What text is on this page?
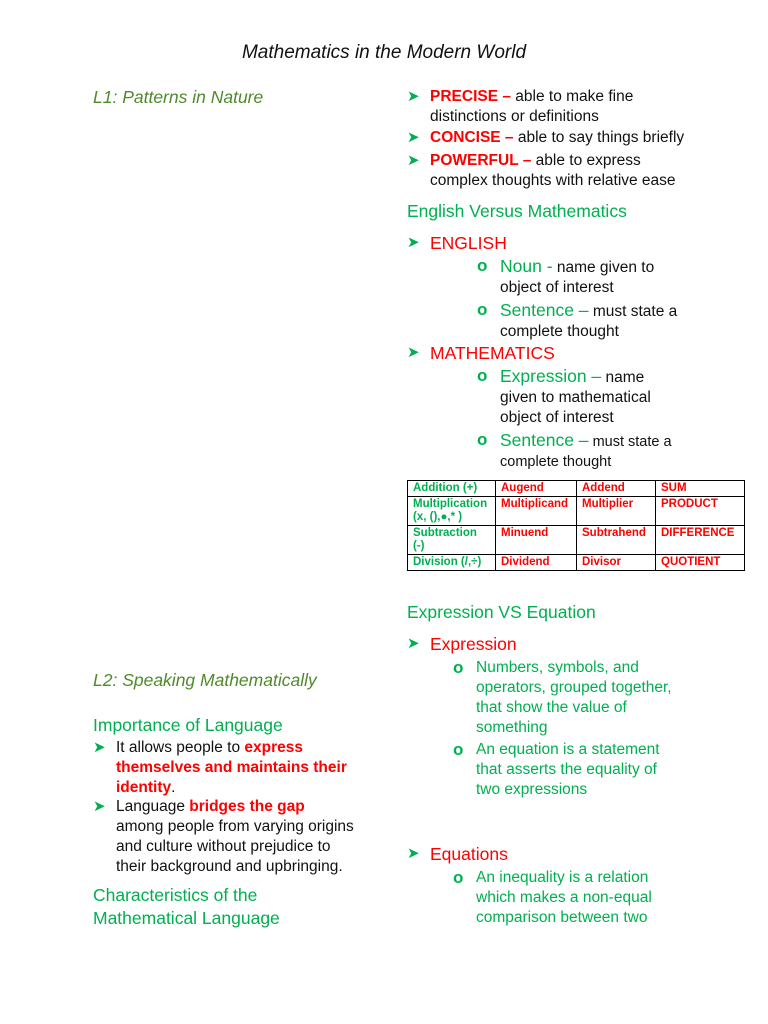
Mathematics in the Modern World
L1: Patterns in Nature
L2: Speaking Mathematically
Importance of Language
➤ It allows people to express themselves and maintains their identity.
➤ Language bridges the gap among people from varying origins and culture without prejudice to their background and upbringing.
Characteristics of the Mathematical Language
➤ PRECISE – able to make fine distinctions or definitions
➤ CONCISE – able to say things briefly
➤ POWERFUL – able to express complex thoughts with relative ease
English Versus Mathematics
➤ ENGLISH
o Noun - name given to object of interest
o Sentence – must state a complete thought
➤ MATHEMATICS
o Expression – name given to mathematical object of interest
o Sentence – must state a complete thought
Addition (+)	Augend	Addend	SUM
Multiplication (x, (),●,* )	Multiplicand	Multiplier	PRODUCT
Subtraction (-)	Minuend	Subtrahend	DIFFERENCE
Division (/,÷)	Dividend	Divisor	QUOTIENT
Expression VS Equation
➤ Expression
o Numbers, symbols, and operators, grouped together, that show the value of something
o An equation is a statement that asserts the equality of two expressions
➤ Equations
o An inequality is a relation which makes a non-equal comparison between two
